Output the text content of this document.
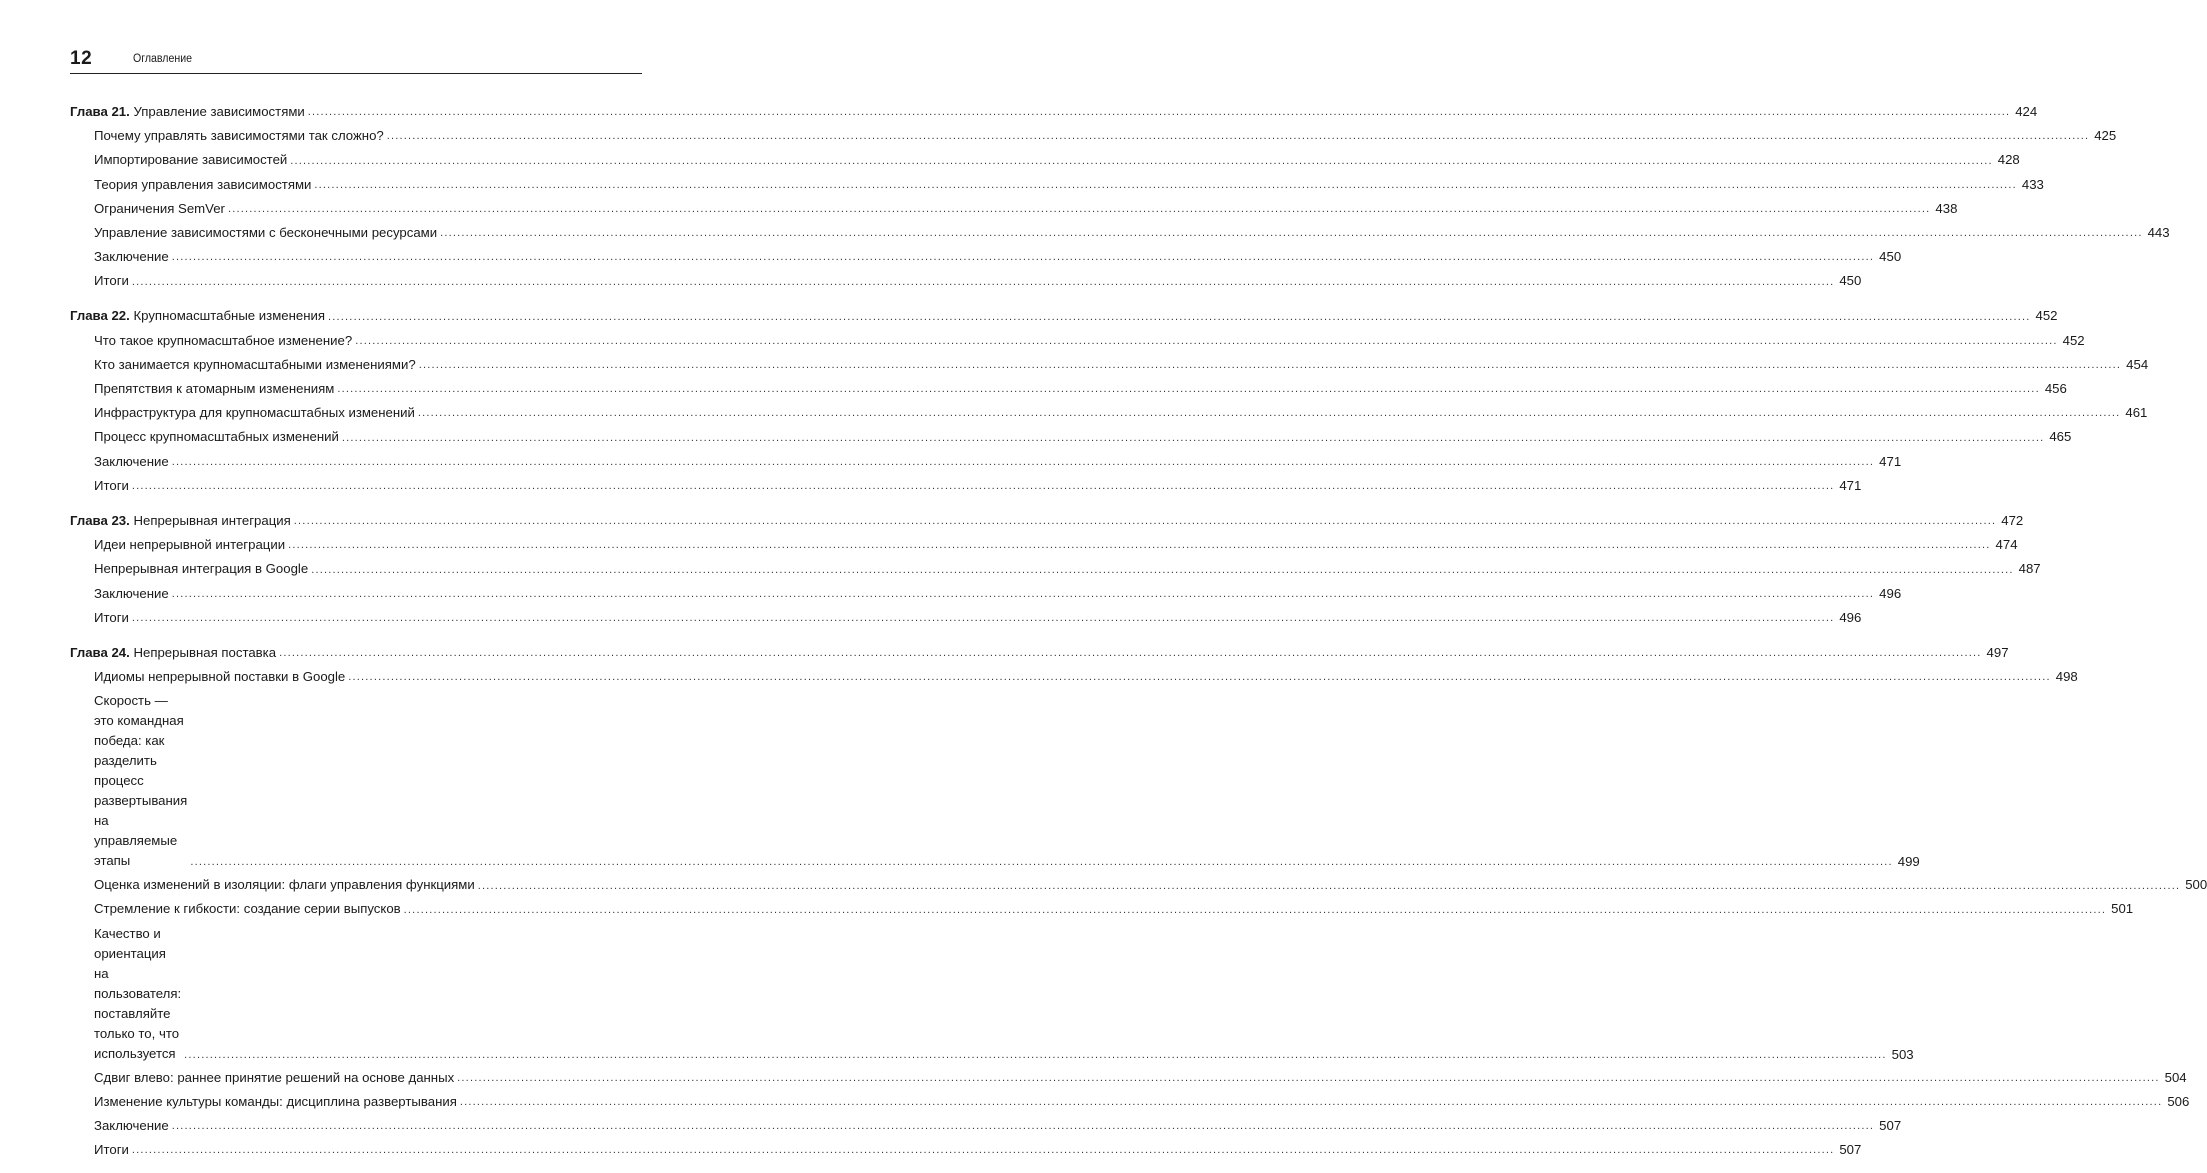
12	Оглавление
Глава 21. Управление зависимостями ................................................................................................................................................................................................................................................................................................................................................................................................................ 424
Почему управлять зависимостями так сложно? ................................................................................................................................................................................................................................................................................................................................................................................................................ 425
Импортирование зависимостей ................................................................................................................................................................................................................................................................................................................................................................................................................ 428
Теория управления зависимостями ................................................................................................................................................................................................................................................................................................................................................................................................................ 433
Ограничения SemVer ................................................................................................................................................................................................................................................................................................................................................................................................................ 438
Управление зависимостями с бесконечными ресурсами ................................................................................................................................................................................................................................................................................................................................................................................................................ 443
Заключение ................................................................................................................................................................................................................................................................................................................................................................................................................ 450
Итоги ................................................................................................................................................................................................................................................................................................................................................................................................................ 450
Глава 22. Крупномасштабные изменения ................................................................................................................................................................................................................................................................................................................................................................................................................ 452
Что такое крупномасштабное изменение? ................................................................................................................................................................................................................................................................................................................................................................................................................ 452
Кто занимается крупномасштабными изменениями? ................................................................................................................................................................................................................................................................................................................................................................................................................ 454
Препятствия к атомарным изменениям ................................................................................................................................................................................................................................................................................................................................................................................................................ 456
Инфраструктура для крупномасштабных изменений ................................................................................................................................................................................................................................................................................................................................................................................................................ 461
Процесс крупномасштабных изменений ................................................................................................................................................................................................................................................................................................................................................................................................................ 465
Заключение ................................................................................................................................................................................................................................................................................................................................................................................................................ 471
Итоги ................................................................................................................................................................................................................................................................................................................................................................................................................ 471
Глава 23. Непрерывная интеграция ................................................................................................................................................................................................................................................................................................................................................................................................................ 472
Идеи непрерывной интеграции ................................................................................................................................................................................................................................................................................................................................................................................................................ 474
Непрерывная интеграция в Google ................................................................................................................................................................................................................................................................................................................................................................................................................ 487
Заключение ................................................................................................................................................................................................................................................................................................................................................................................................................ 496
Итоги ................................................................................................................................................................................................................................................................................................................................................................................................................ 496
Глава 24. Непрерывная поставка ................................................................................................................................................................................................................................................................................................................................................................................................................ 497
Идиомы непрерывной поставки в Google ................................................................................................................................................................................................................................................................................................................................................................................................................ 498
Скорость — это командная победа: как разделить процесс развертывания на управляемые этапы	................................................................................................................................................................................................................................................................................................................................................................................................................ 499
Оценка изменений в изоляции: флаги управления функциями ................................................................................................................................................................................................................................................................................................................................................................................................................ 500
Стремление к гибкости: создание серии выпусков ................................................................................................................................................................................................................................................................................................................................................................................................................ 501
Качество и ориентация на пользователя: поставляйте только то, что используется ................................................................................................................................................................................................................................................................................................................................................................................................................ 503
Сдвиг влево: раннее принятие решений на основе данных ................................................................................................................................................................................................................................................................................................................................................................................................................ 504
Изменение культуры команды: дисциплина развертывания ................................................................................................................................................................................................................................................................................................................................................................................................................ 506
Заключение ................................................................................................................................................................................................................................................................................................................................................................................................................ 507
Итоги ................................................................................................................................................................................................................................................................................................................................................................................................................ 507
